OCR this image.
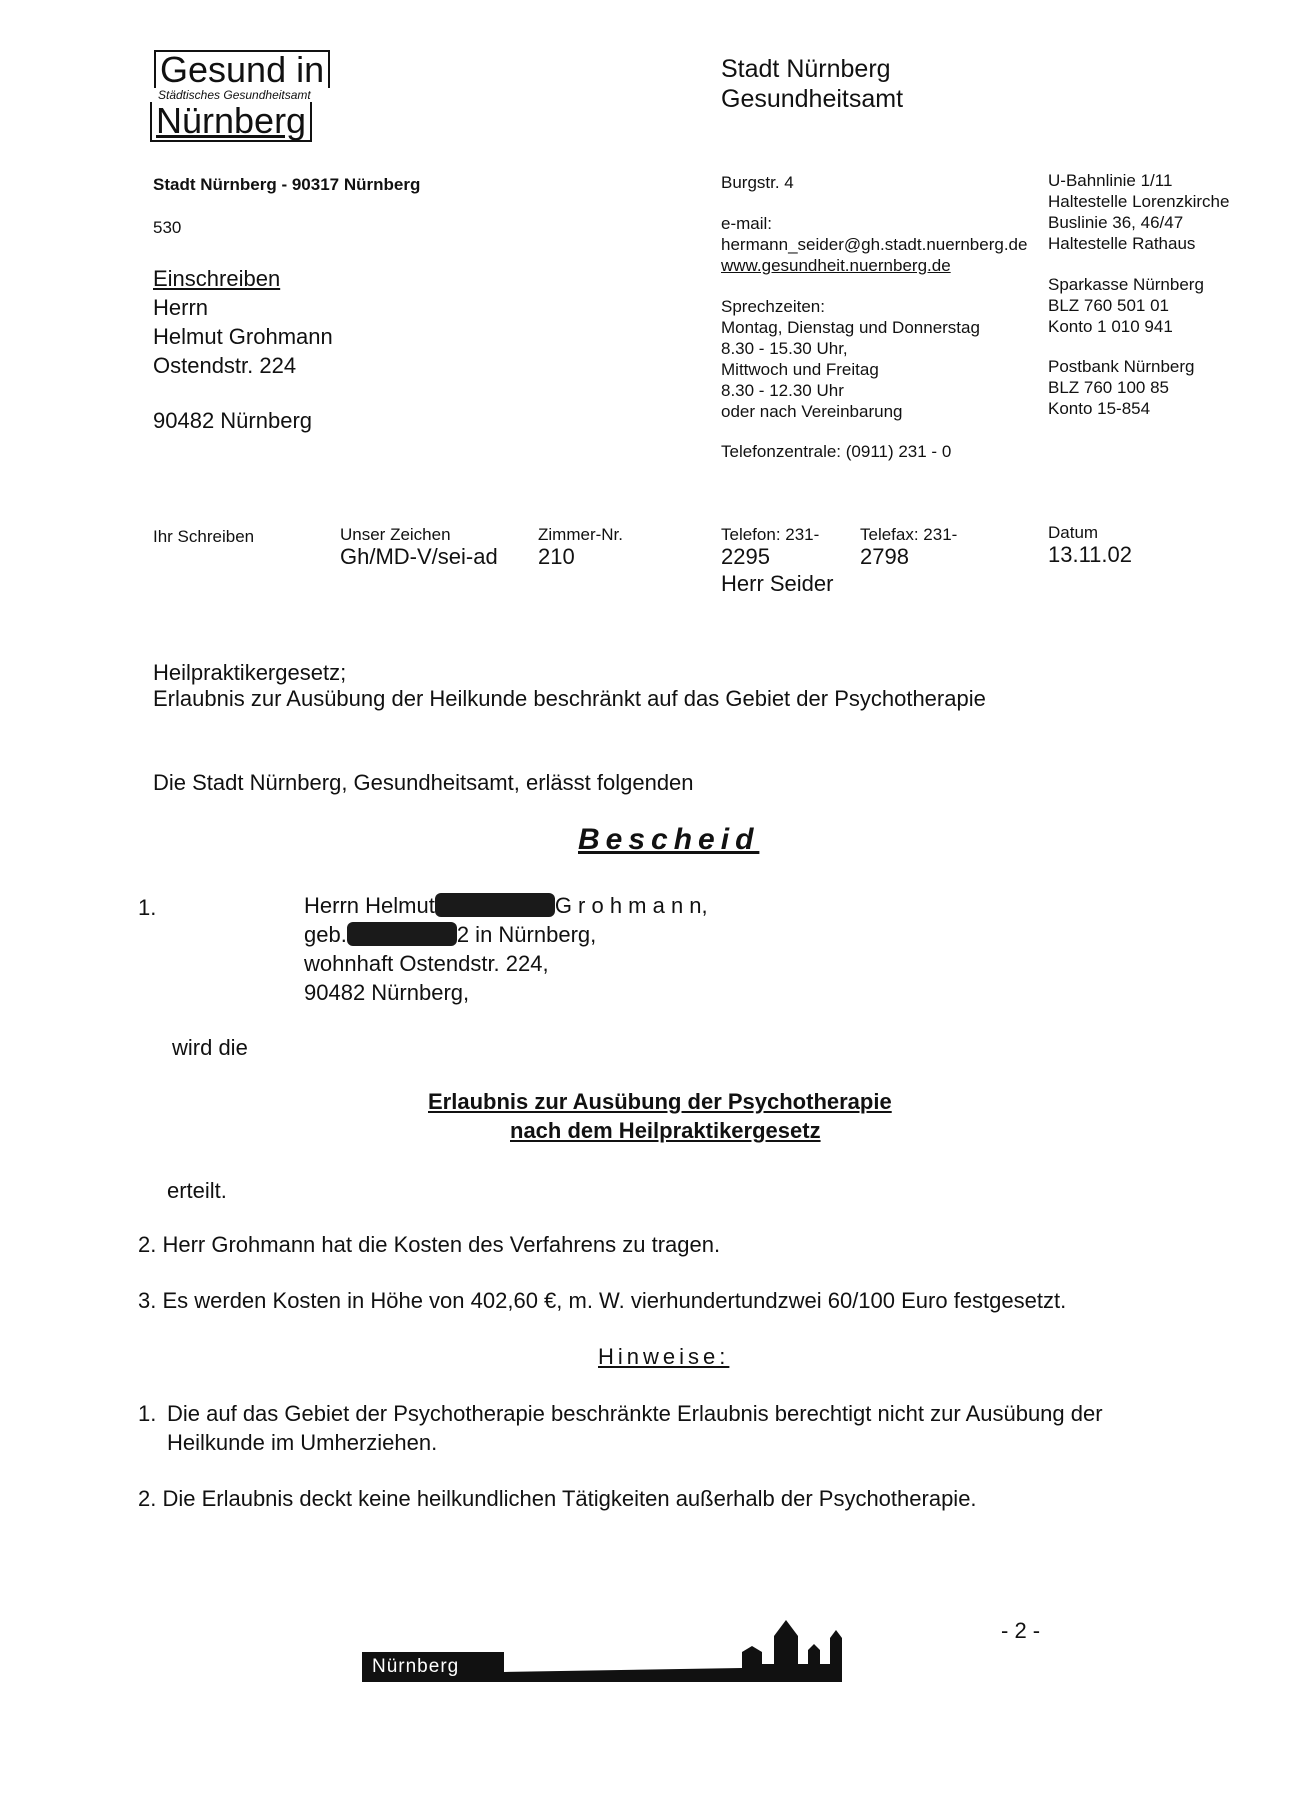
Gesund in
Städtisches Gesundheitsamt
Nürnberg
Stadt Nürnberg
Gesundheitsamt
Stadt Nürnberg - 90317 Nürnberg
530
Einschreiben
Herrn
Helmut Grohmann
Ostendstr. 224
90482 Nürnberg
Burgstr. 4
e-mail:
hermann_seider@gh.stadt.nuernberg.de
www.gesundheit.nuernberg.de
Sprechzeiten:
Montag, Dienstag und Donnerstag
8.30 - 15.30 Uhr,
Mittwoch und Freitag
8.30 - 12.30 Uhr
oder nach Vereinbarung
Telefonzentrale: (0911) 231 - 0
U-Bahnlinie 1/11
Haltestelle Lorenzkirche
Buslinie 36, 46/47
Haltestelle Rathaus
Sparkasse Nürnberg
BLZ 760 501 01
Konto 1 010 941
Postbank Nürnberg
BLZ 760 100 85
Konto 15-854
Ihr Schreiben	Unser Zeichen
Gh/MD-V/sei-ad
Zimmer-Nr.
210
Telefon: 231-
2295
Herr Seider
Telefax: 231-
2798
Datum
13.11.02
Heilpraktikergesetz;
Erlaubnis zur Ausübung der Heilkunde beschränkt auf das Gebiet der Psychotherapie
Die Stadt Nürnberg, Gesundheitsamt, erlässt folgenden
Bescheid
1.	Herrn Helmut	G r o h m a n n,
geb.	2 in Nürnberg,
wohnhaft Ostendstr. 224,
90482 Nürnberg,
wird die
Erlaubnis zur Ausübung der Psychotherapie
nach dem Heilpraktikergesetz
erteilt.
2. Herr Grohmann hat die Kosten des Verfahrens zu tragen.
3. Es werden Kosten in Höhe von 402,60 €, m. W. vierhundertundzwei 60/100 Euro festgesetzt.
Hinweise:
1. Die auf das Gebiet der Psychotherapie beschränkte Erlaubnis berechtigt nicht zur Ausübung der
Heilkunde im Umherziehen.
2. Die Erlaubnis deckt keine heilkundlichen Tätigkeiten außerhalb der Psychotherapie.
- 2 -
Nürnberg
